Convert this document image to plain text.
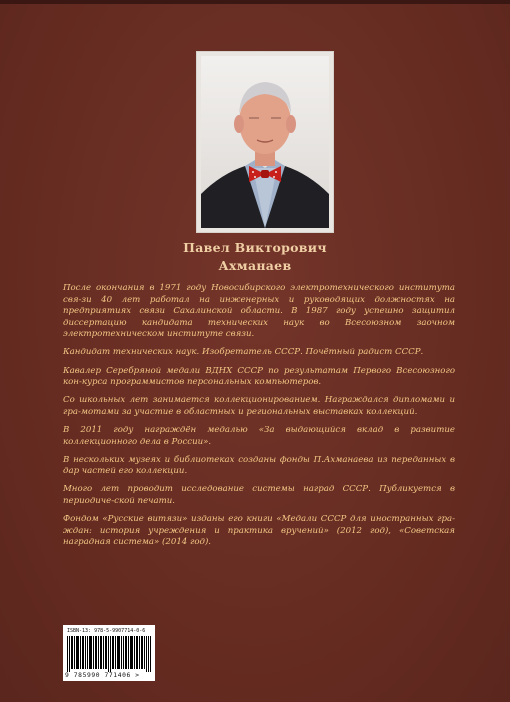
Павел Викторович
Ахманаев

После окончания в 1971 году Новосибирского электротехнического института свя-зи 40 лет работал на инженерных и руководящих должностях на предприятиях связи Сахалинской области. В 1987 году успешно защитил диссертацию кандидата технических наук во Всесоюзном заочном электротехническом институте связи.

Кандидат технических наук. Изобретатель СССР. Почётный радист СССР.

Кавалер Серебряной медали ВДНХ СССР по результатам Первого Всесоюзного кон-курса программистов персональных компьютеров.

Со школьных лет занимается коллекционированием. Награждался дипломами и гра-мотами за участие в областных и региональных выставках коллекций.

В 2011 году награждён медалью «За выдающийся вклад в развитие коллекционного дела в России».

В нескольких музеях и библиотеках созданы фонды П.Ахманаева из переданных в дар частей его коллекции.

Много лет проводит исследование системы наград СССР. Публикуется в периодиче-ской печати.

Фондом «Русские витязи» изданы его книги «Медали СССР для иностранных гра-ждан: история учреждения и практика вручений» (2012 год), «Советская наградная система» (2014 год).

ISBN-13: 978-5-9907714-0-6
9 785990 771406 >
